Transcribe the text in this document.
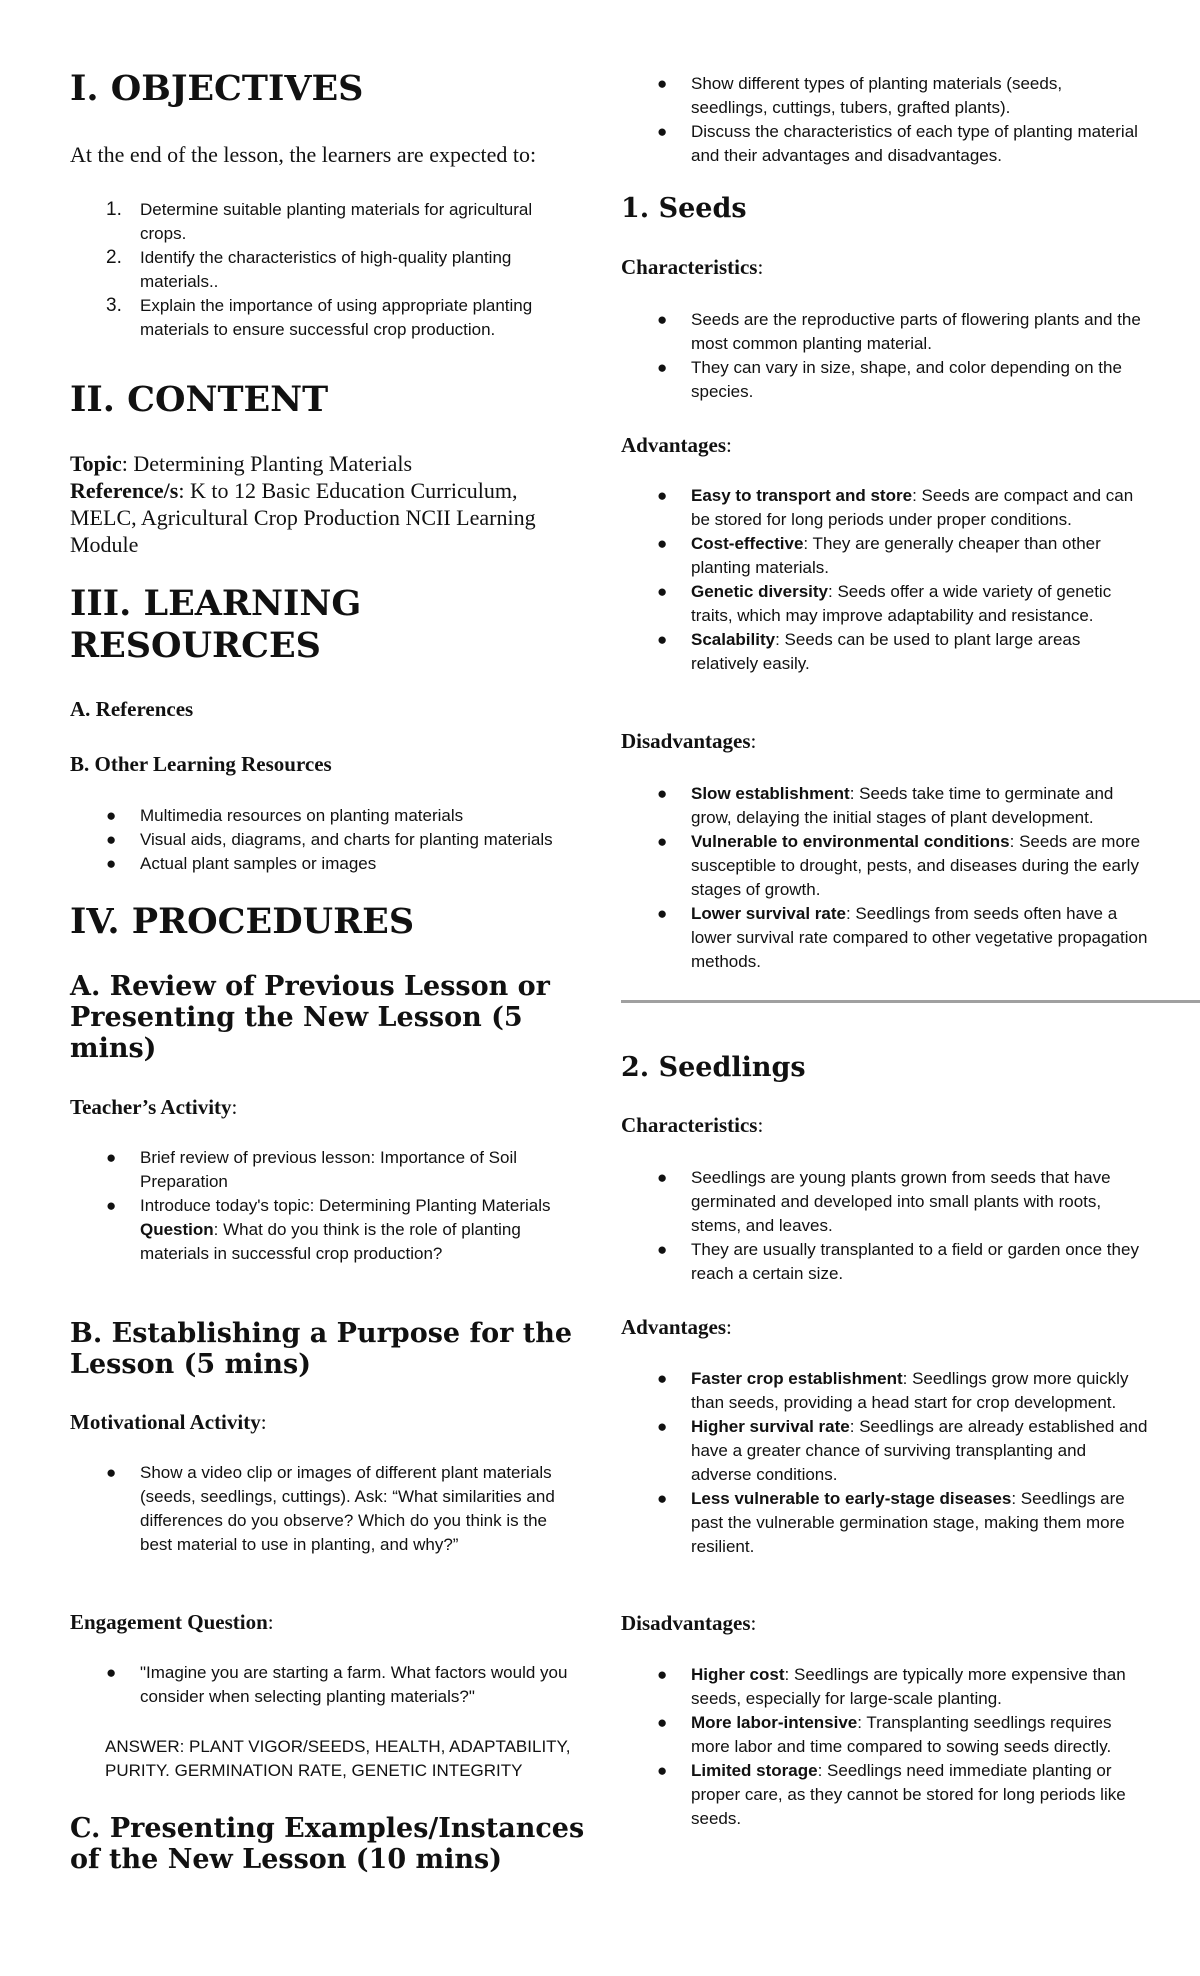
I. OBJECTIVES

At the end of the lesson, the learners are expected to:

1. Determine suitable planting materials for agricultural crops.
2. Identify the characteristics of high-quality planting materials..
3. Explain the importance of using appropriate planting materials to ensure successful crop production.
II. CONTENT

Topic: Determining Planting Materials

Reference/s: K to 12 Basic Education Curriculum, MELC, Agricultural Crop Production NCII Learning Module

III. LEARNING RESOURCES

A. References

B. Other Learning Resources

● Multimedia resources on planting materials
● Visual aids, diagrams, and charts for planting materials
● Actual plant samples or images
IV. PROCEDURES
A. Review of Previous Lesson or Presenting the New Lesson (5 mins)

Teacher’s Activity:

● Brief review of previous lesson: Importance of Soil Preparation
● Introduce today's topic: Determining Planting Materials
Question: What do you think is the role of planting materials in successful crop production?
B. Establishing a Purpose for the Lesson (5 mins)

Motivational Activity:

● Show a video clip or images of different plant materials (seeds, seedlings, cuttings). Ask: “What similarities and differences do you observe? Which do you think is the best material to use in planting, and why?”

Engagement Question:

● "Imagine you are starting a farm. What factors would you consider when selecting planting materials?"

ANSWER: PLANT VIGOR/SEEDS, HEALTH, ADAPTABILITY, PURITY. GERMINATION RATE, GENETIC INTEGRITY

C. Presenting Examples/Instances of the New Lesson (10 mins)
● Show different types of planting materials (seeds, seedlings, cuttings, tubers, grafted plants).
● Discuss the characteristics of each type of planting material and their advantages and disadvantages.
1. Seeds

Characteristics:

● Seeds are the reproductive parts of flowering plants and the most common planting material.
● They can vary in size, shape, and color depending on the species.

Advantages:

● Easy to transport and store: Seeds are compact and can be stored for long periods under proper conditions.
● Cost-effective: They are generally cheaper than other planting materials.
● Genetic diversity: Seeds offer a wide variety of genetic traits, which may improve adaptability and resistance.
● Scalability: Seeds can be used to plant large areas relatively easily.

Disadvantages:

● Slow establishment: Seeds take time to germinate and grow, delaying the initial stages of plant development.
● Vulnerable to environmental conditions: Seeds are more susceptible to drought, pests, and diseases during the early stages of growth.
● Lower survival rate: Seedlings from seeds often have a lower survival rate compared to other vegetative propagation methods.
2. Seedlings

Characteristics:

● Seedlings are young plants grown from seeds that have germinated and developed into small plants with roots, stems, and leaves.
● They are usually transplanted to a field or garden once they reach a certain size.

Advantages:

● Faster crop establishment: Seedlings grow more quickly than seeds, providing a head start for crop development.
● Higher survival rate: Seedlings are already established and have a greater chance of surviving transplanting and adverse conditions.
● Less vulnerable to early-stage diseases: Seedlings are past the vulnerable germination stage, making them more resilient.

Disadvantages:

● Higher cost: Seedlings are typically more expensive than seeds, especially for large-scale planting.
● More labor-intensive: Transplanting seedlings requires more labor and time compared to sowing seeds directly.
● Limited storage: Seedlings need immediate planting or proper care, as they cannot be stored for long periods like seeds.
